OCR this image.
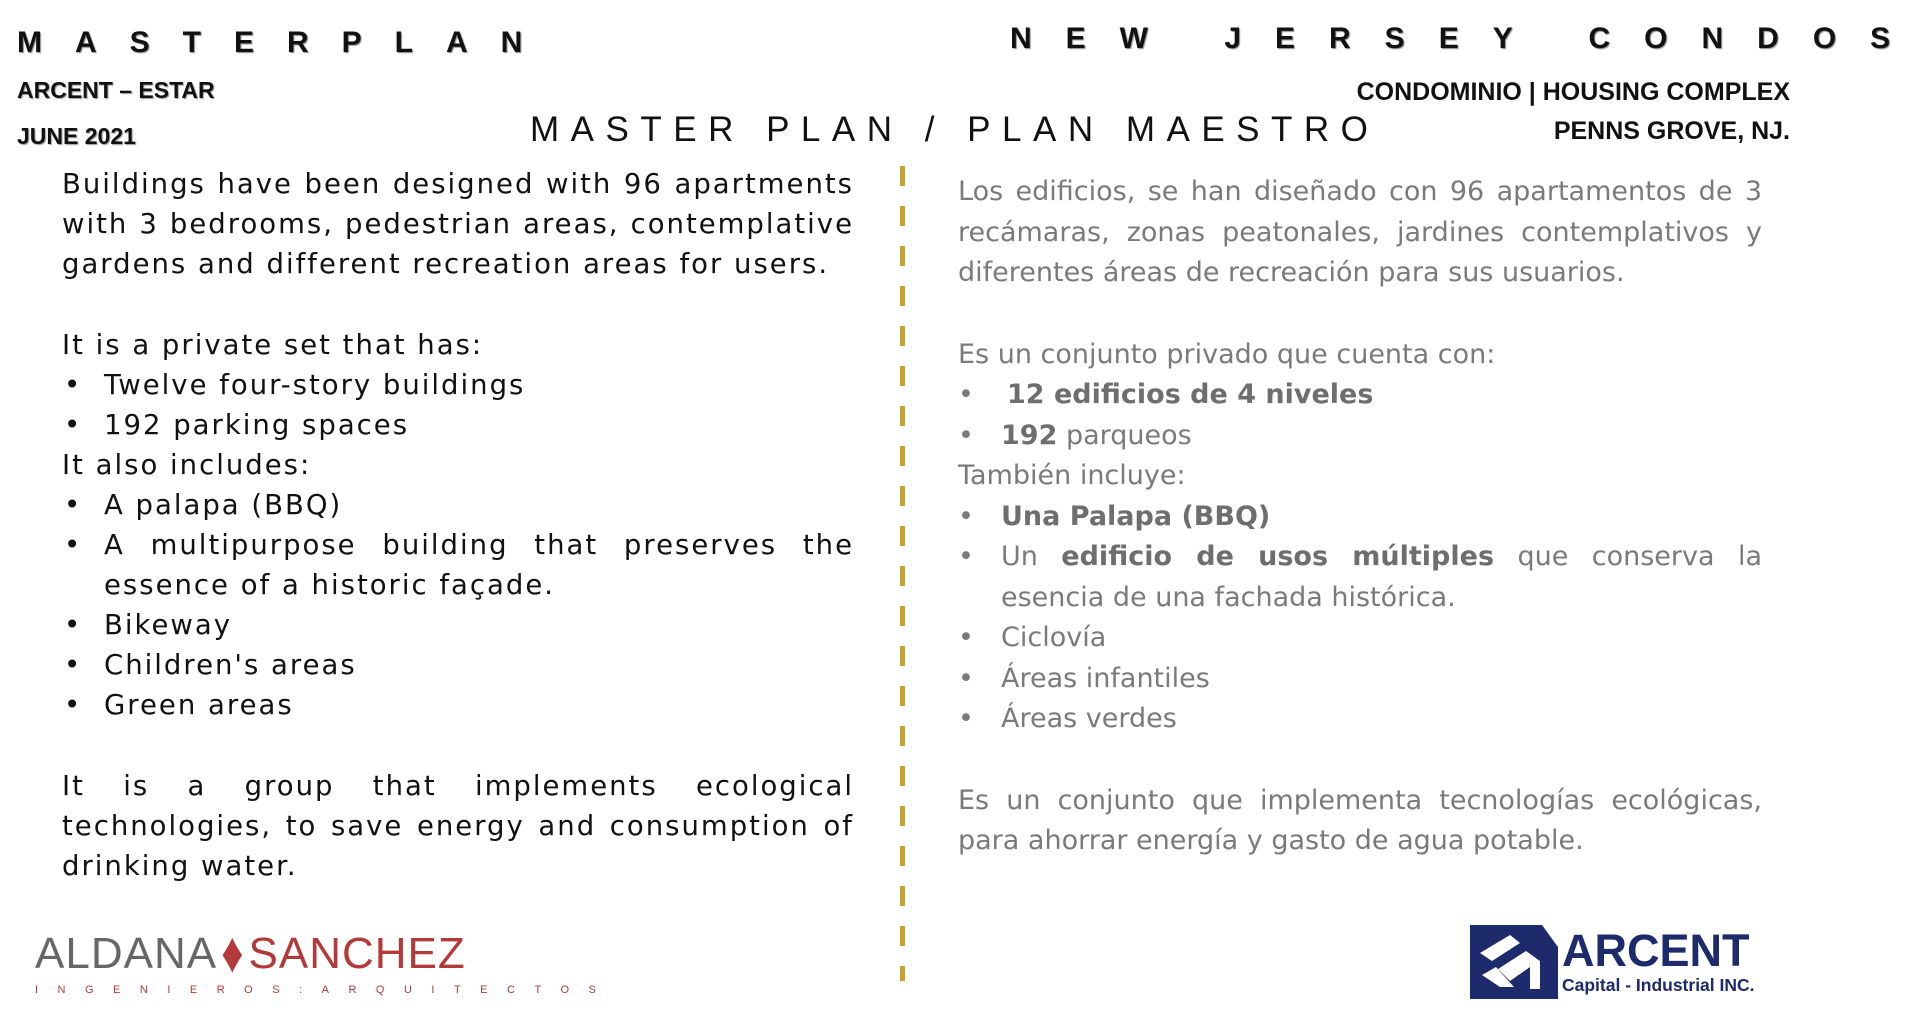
MASTERPLAN
ARCENT – ESTAR
JUNE 2021	MASTER PLAN / PLAN MAESTRO
NEW JERSEY CONDOS
CONDOMINIO | HOUSING COMPLEX
PENNS GROVE, NJ.

Buildings have been designed with 96 apartments with 3 bedrooms, pedestrian areas, contemplative gardens and different recreation areas for users.

It is a private set that has:

• Twelve four-story buildings
• 192 parking spaces

It also includes:

• A palapa (BBQ)
• A multipurpose building that preserves the essence of a historic façade.
• Bikeway
• Children's areas
• Green areas

It is a group that implements ecological technologies, to save energy and consumption of drinking water.

Los edificios, se han diseñado con 96 apartamentos de 3 recámaras, zonas peatonales, jardines contemplativos y diferentes áreas de recreación para sus usuarios.

Es un conjunto privado que cuenta con:

• 12 edificios de 4 niveles
• 192 parqueos

También incluye:

• Una Palapa (BBQ)
• Un edificio de usos múltiples que conserva la esencia de una fachada histórica.
• Ciclovía
• Áreas infantiles
• Áreas verdes

Es un conjunto que implementa tecnologías ecológicas, para ahorrar energía y gasto de agua potable.

ALDANA♦SANCHEZ
INGENIEROS:ARQUITECTOS
ARCENT
Capital - Industrial INC.
